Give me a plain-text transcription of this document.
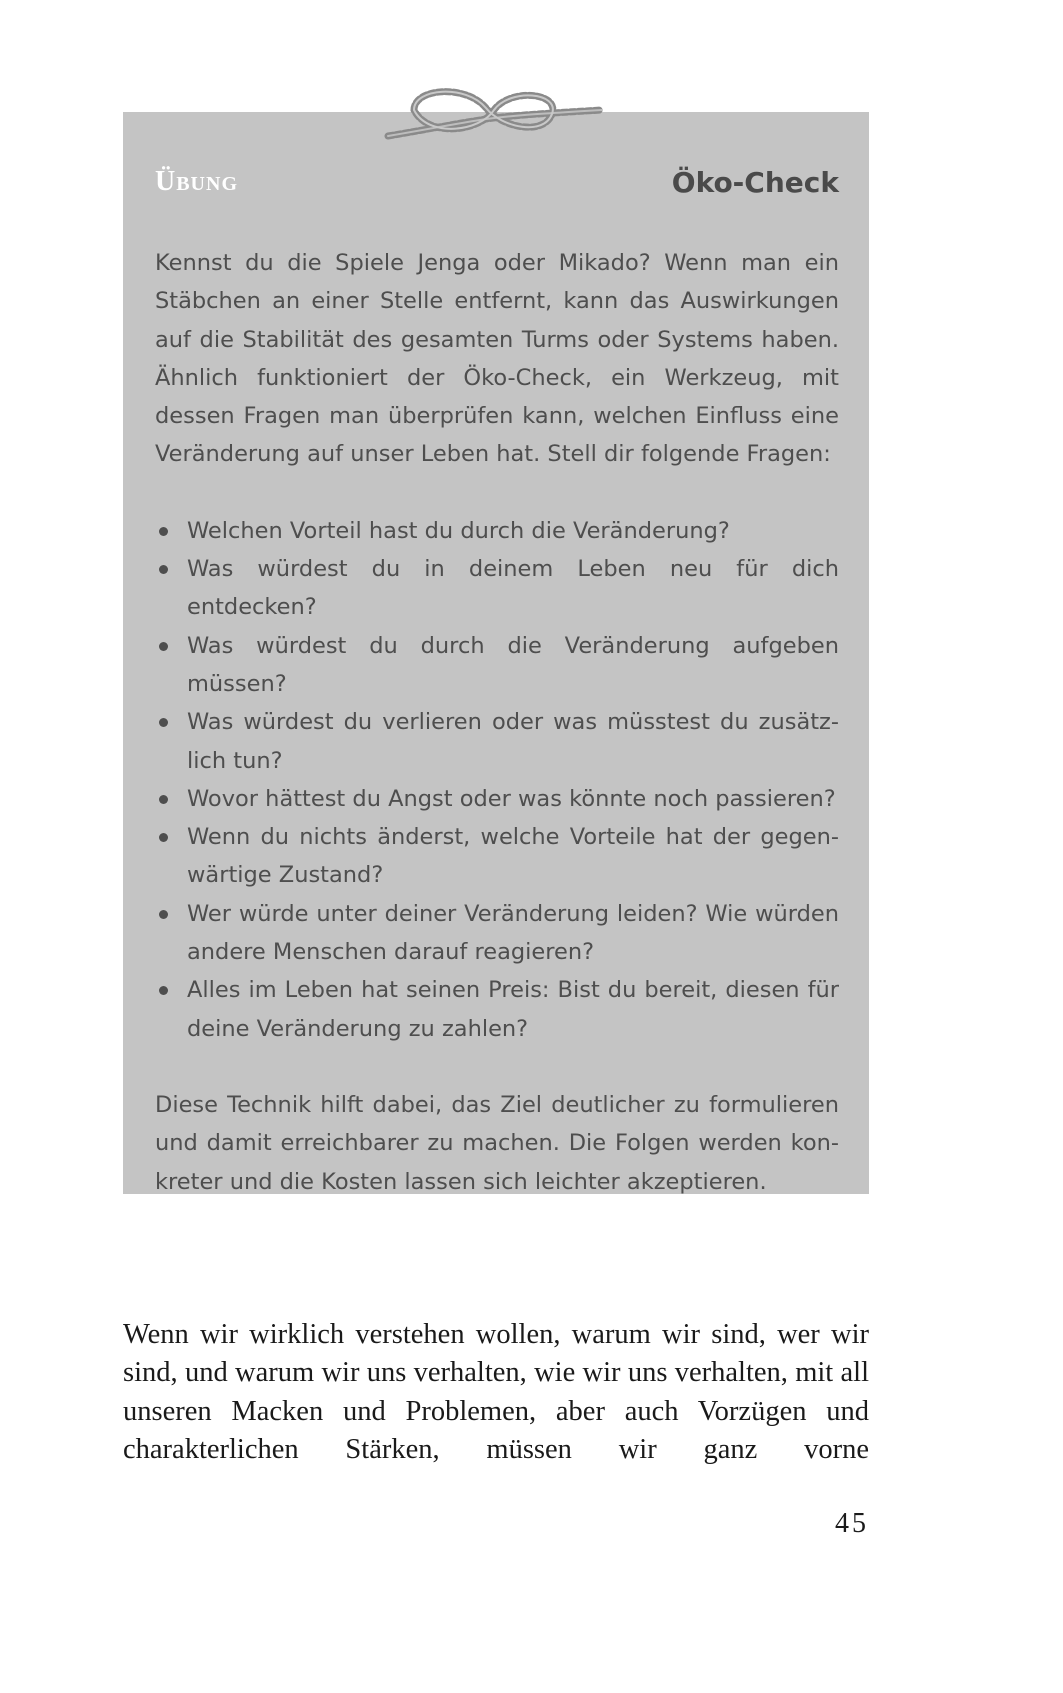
Übung	Öko-Check

Kennst du die Spiele Jenga oder Mikado? Wenn man ein Stäbchen an einer Stelle entfernt, kann das Auswirkungen auf die Stabilität des gesamten Turms oder Systems haben. Ähnlich funktioniert der Öko-Check, ein Werkzeug, mit dessen Fragen man überprüfen kann, welchen Einfluss eine Veränderung auf unser Leben hat. Stell dir folgende Fragen:

Welchen Vorteil hast du durch die Veränderung?
Was würdest du in deinem Leben neu für dich entdecken?
Was würdest du durch die Veränderung aufgeben müssen?
Was würdest du verlieren oder was müsstest du zusätzlich tun?
Wovor hättest du Angst oder was könnte noch passieren?
Wenn du nichts änderst, welche Vorteile hat der gegenwärtige Zustand?
Wer würde unter deiner Veränderung leiden? Wie würden andere Menschen darauf reagieren?
Alles im Leben hat seinen Preis: Bist du bereit, diesen für deine Veränderung zu zahlen?

Diese Technik hilft dabei, das Ziel deutlicher zu formulieren und damit erreichbarer zu machen. Die Folgen werden konkreter und die Kosten lassen sich leichter akzeptieren.

Wenn wir wirklich verstehen wollen, warum wir sind, wer wir sind, und warum wir uns verhalten, wie wir uns verhalten, mit all unseren Macken und Problemen, aber auch Vorzügen und charakterlichen Stärken, müssen wir ganz vorne

45
